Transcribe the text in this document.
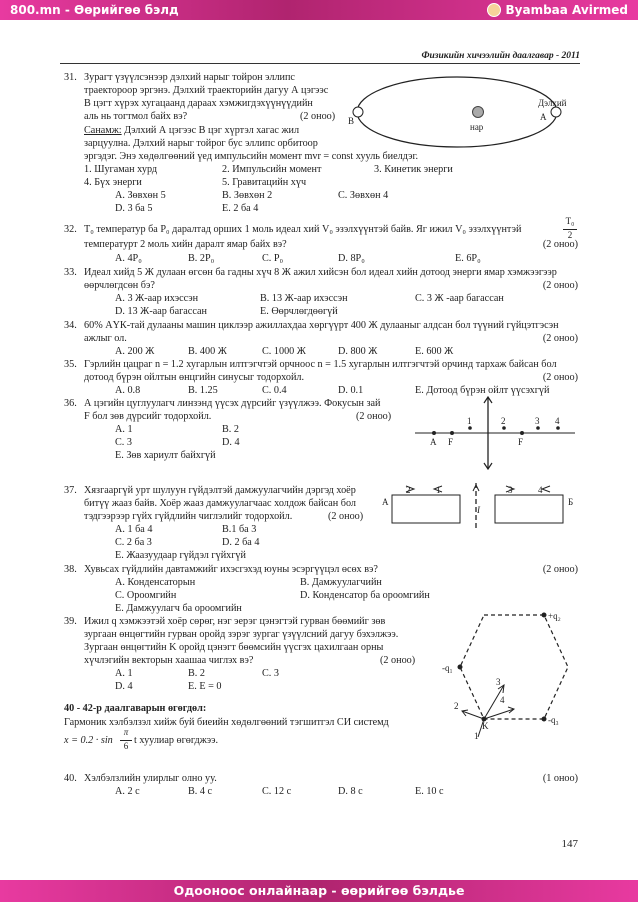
800.mn - Өөрийгөө бэлд	Byambaa Avirmed
Физикийн хичээлийн даалгавар - 2011
31. Зурагт үзүүлсэнээр дэлхий нарыг тойрон эллипс
траектороор эргэнэ. Дэлхий траекторийн дагуу А цэгээс
В цэгт хүрэх хугацаанд дараах хэмжигдэхүүнүүдийн
аль нь тогтмол байх вэ?	(2 оноо)
Санамж: Дэлхий А цэгээс В цэг хүртэл хагас жил
зарцуулна. Дэлхий нарыг тойрог бус эллипс орбитоор
эргэдэг. Энэ хөдөлгөөний үед импульсийн момент mvr = const хууль биелдэг.
1. Шугаман хурд	2. Импульсийн момент	3. Кинетик энерги
4. Бүх энерги	5. Гравитацийн хүч
А. Зөвхөн 5	В. Зөвхөн 2	С. Зөвхөн 4
D. 3 ба 5	E. 2 ба 4
B	А
Дэлхий
нар
32. T₀ температур ба P₀ даралтад орших 1 моль идеал хий V₀ эзэлхүүнтэй байв. Яг ижил V₀ эзэлхүүнтэй
T₀
2
температурт 2 моль хийн даралт ямар байх вэ?	(2 оноо)
А. 4P₀	В. 2P₀	С. P₀	D. 8P₀	E. 6P₀
33. Идеал хийд 5 Ж дулаан өгсөн ба гадны хүч 8 Ж ажил хийсэн бол идеал хийн дотоод энерги ямар хэмжээгээр
өөрчлөгдсөн бэ?	(2 оноо)
А. 3 Ж-аар ихэссэн	В. 13 Ж-аар ихэссэн	С. 3 Ж -аар багассан
D. 13 Ж-аар багассан	E. Өөрчлөгдөөгүй
34. 60% АҮК-тай дулааны машин циклээр ажиллахдаа хөргүүрт 400 Ж дулааныг алдсан бол түүний гүйцэтгэсэн
ажлыг ол.	(2 оноо)
А. 200 Ж	В. 400 Ж	С. 1000 Ж	D. 800 Ж	E. 600 Ж
35. Гэрлийн цацраг n = 1.2 хугарлын илтгэгчтэй орчноос n = 1.5 хугарлын илтгэгчтэй орчинд тархаж байсан бол
дотоод бүрэн ойлтын өнцгийн синусыг тодорхойл.	(2 оноо)
А. 0.8	В. 1.25	С. 0.4	D. 0.1	E. Дотоод бүрэн ойлт үүсэхгүй
36. А цэгийн цуглуулагч линзэнд үүсэх дүрсийг үзүүлжээ. Фокусын зай
F бол зөв дүрсийг тодорхойл.	(2 оноо)
А. 1	В. 2
С. 3	D. 4
E. Зөв хариулт байхгүй
А F	F
1	2	3 4
37. Хязгааргүй урт шулуун гүйдэлтэй дамжуулагчийн дэргэд хоёр
битүү жааз байв. Хоёр жааз дамжуулагчаас холдож байсан бол
тэдгээрээр гүйх гүйдлийн чиглэлийг тодорхойл.	(2 оноо)
А. 1 ба 4	В.1 ба 3
С. 2 ба 3	D. 2 ба 4
E. Жаазуудаар гүйдэл гүйхгүй
А	Б
I
1
2	3	4
38. Хувьсах гүйдлийн давтамжийг ихэсгэхэд юуны эсэргүүцэл өсөх вэ?	(2 оноо)
А. Конденсаторын	В. Дамжуулагчийн
С. Ороомгийн	D. Конденсатор ба ороомгийн
E. Дамжуулагч ба ороомгийн
39. Ижил q хэмжээтэй хоёр сөрөг, нэг эерэг цэнэгтэй гурван бөөмийг зөв
зургаан өнцөгтийн гурван оройд зэрэг зургаг үзүүлсний дагуу бэхэлжээ.
Зургаан өнцөгтийн K оройд цэнэгт бөөмсийн үүсгэх цахилгаан орны
хүчлэгийн векторын хаашаа чиглэх вэ?	(2 оноо)
А. 1	В. 2	С. 3
D. 4	E. E = 0
+q₂
-q₁
-q₃
K
1
2
3
4
40 - 42-р даалгаварын өгөгдөл:
Гармоник хэлбэлзэл хийж буй биеийн хөдөлгөөний тэгшитгэл СИ системд
x = 0.2 · sin
π
6 t хуулиар өгөгджээ.
40. Хэлбэлзлийн улирлыг олно уу.	(1 оноо)
А. 2 с	В. 4 с	С. 12 с	D. 8 с	E. 10 с
147
Одооноос онлайнаар - өөрийгөө бэлдье
